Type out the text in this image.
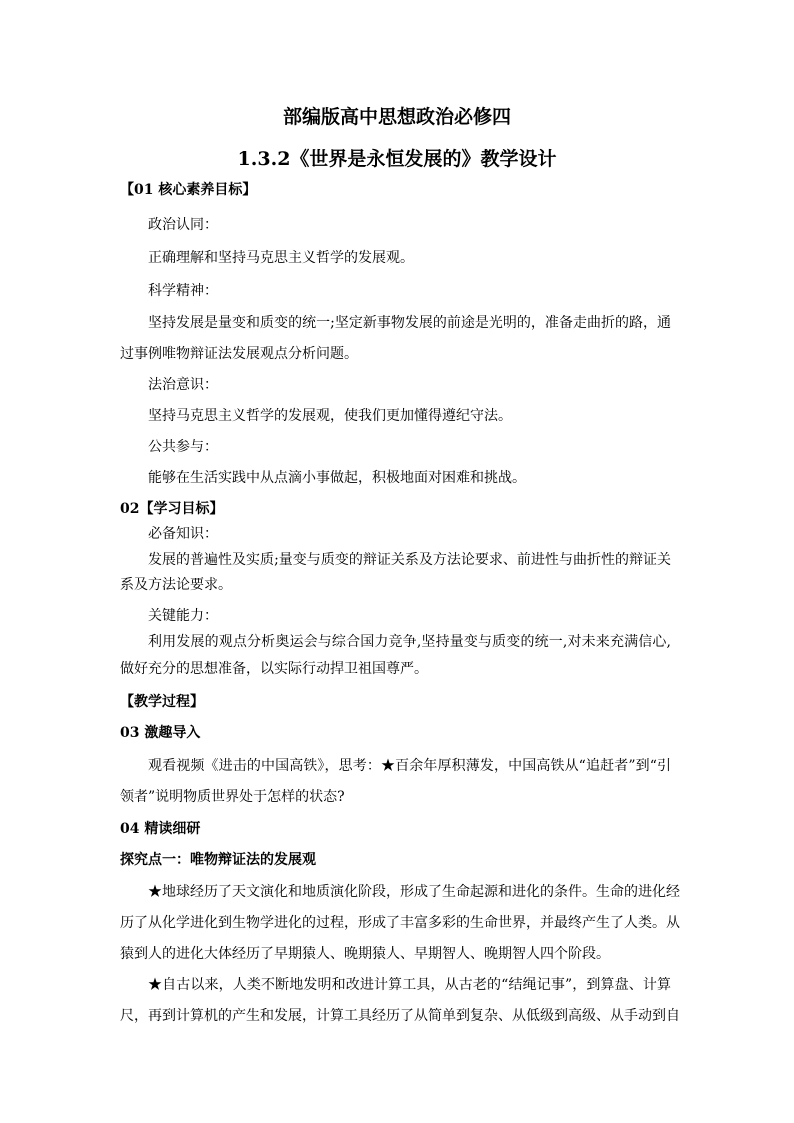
部编版高中思想政治必修四
1.3.2《世界是永恒发展的》教学设计
【01 核心素养目标】
政治认同：
正确理解和坚持马克思主义哲学的发展观。
科学精神：
坚持发展是量变和质变的统一;坚定新事物发展的前途是光明的，准备走曲折的路，通
过事例唯物辩证法发展观点分析问题。
法治意识：
坚持马克思主义哲学的发展观，使我们更加懂得遵纪守法。
公共参与：
能够在生活实践中从点滴小事做起，积极地面对困难和挑战。
02【学习目标】
必备知识：
发展的普遍性及实质;量变与质变的辩证关系及方法论要求、前进性与曲折性的辩证关
系及方法论要求。
关键能力：
利用发展的观点分析奥运会与综合国力竞争,坚持量变与质变的统一,对未来充满信心,
做好充分的思想准备，以实际行动捍卫祖国尊严。
【教学过程】
03 激趣导入
观看视频《进击的中国高铁》，思考：★百余年厚积薄发，中国高铁从“追赶者”到“引
领者”说明物质世界处于怎样的状态?
04 精读细研
探究点一：唯物辩证法的发展观
★地球经历了天文演化和地质演化阶段，形成了生命起源和进化的条件。生命的进化经
历了从化学进化到生物学进化的过程，形成了丰富多彩的生命世界，并最终产生了人类。从
猿到人的进化大体经历了早期猿人、晚期猿人、早期智人、晚期智人四个阶段。
★自古以来，人类不断地发明和改进计算工具，从古老的“结绳记事”，到算盘、计算
尺，再到计算机的产生和发展，计算工具经历了从简单到复杂、从低级到高级、从手动到自
